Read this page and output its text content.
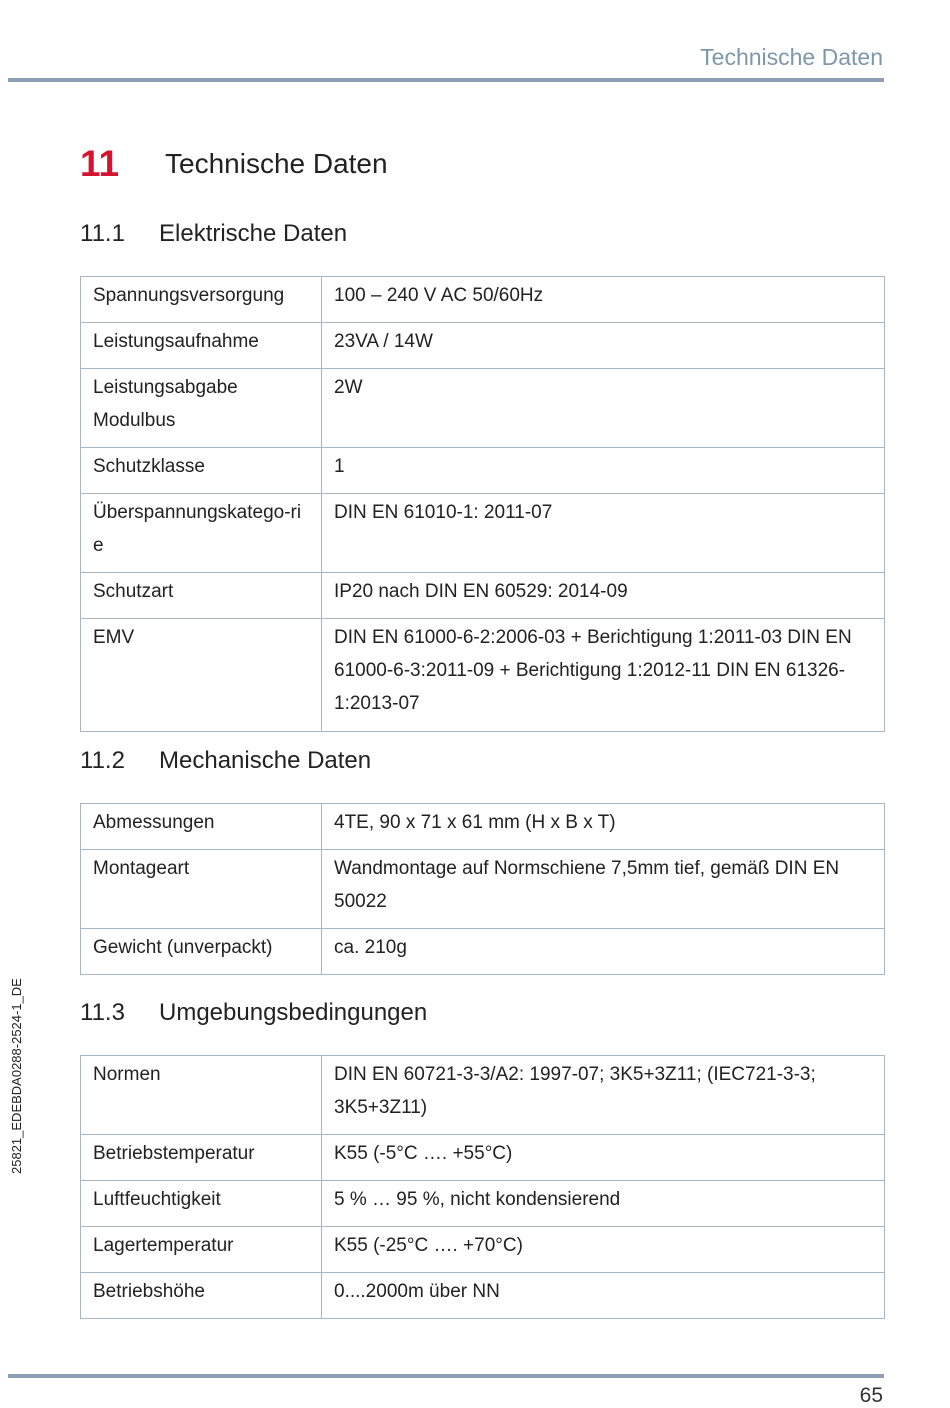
Technische Daten
25821_EDEBDA0288-2524-1_DE
11	Technische Daten
11.1	Elektrische Daten
Spannungsversorgung	100 – 240 V AC 50/60Hz
Leistungsaufnahme	23VA / 14W
Leistungsabgabe Modulbus	2W
Schutzklasse	1
Überspannungskatego-rie	DIN EN 61010-1: 2011-07
Schutzart	IP20 nach DIN EN 60529: 2014-09
EMV	DIN EN 61000-6-2:2006-03 + Berichtigung 1:2011-03 DIN EN 61000-6-3:2011-09 + Berichtigung 1:2012-11 DIN EN 61326-1:2013-07
11.2	Mechanische Daten
Abmessungen	4TE, 90 x 71 x 61 mm (H x B x T)
Montageart	Wandmontage auf Normschiene 7,5mm tief, gemäß DIN EN 50022
Gewicht (unverpackt)	ca. 210g
11.3	Umgebungsbedingungen
Normen	DIN EN 60721-3-3/A2: 1997-07; 3K5+3Z11; (IEC721-3-3; 3K5+3Z11)
Betriebstemperatur	K55 (-5°C …. +55°C)
Luftfeuchtigkeit	5 % … 95 %, nicht kondensierend
Lagertemperatur	K55 (-25°C …. +70°C)
Betriebshöhe	0....2000m über NN
65
